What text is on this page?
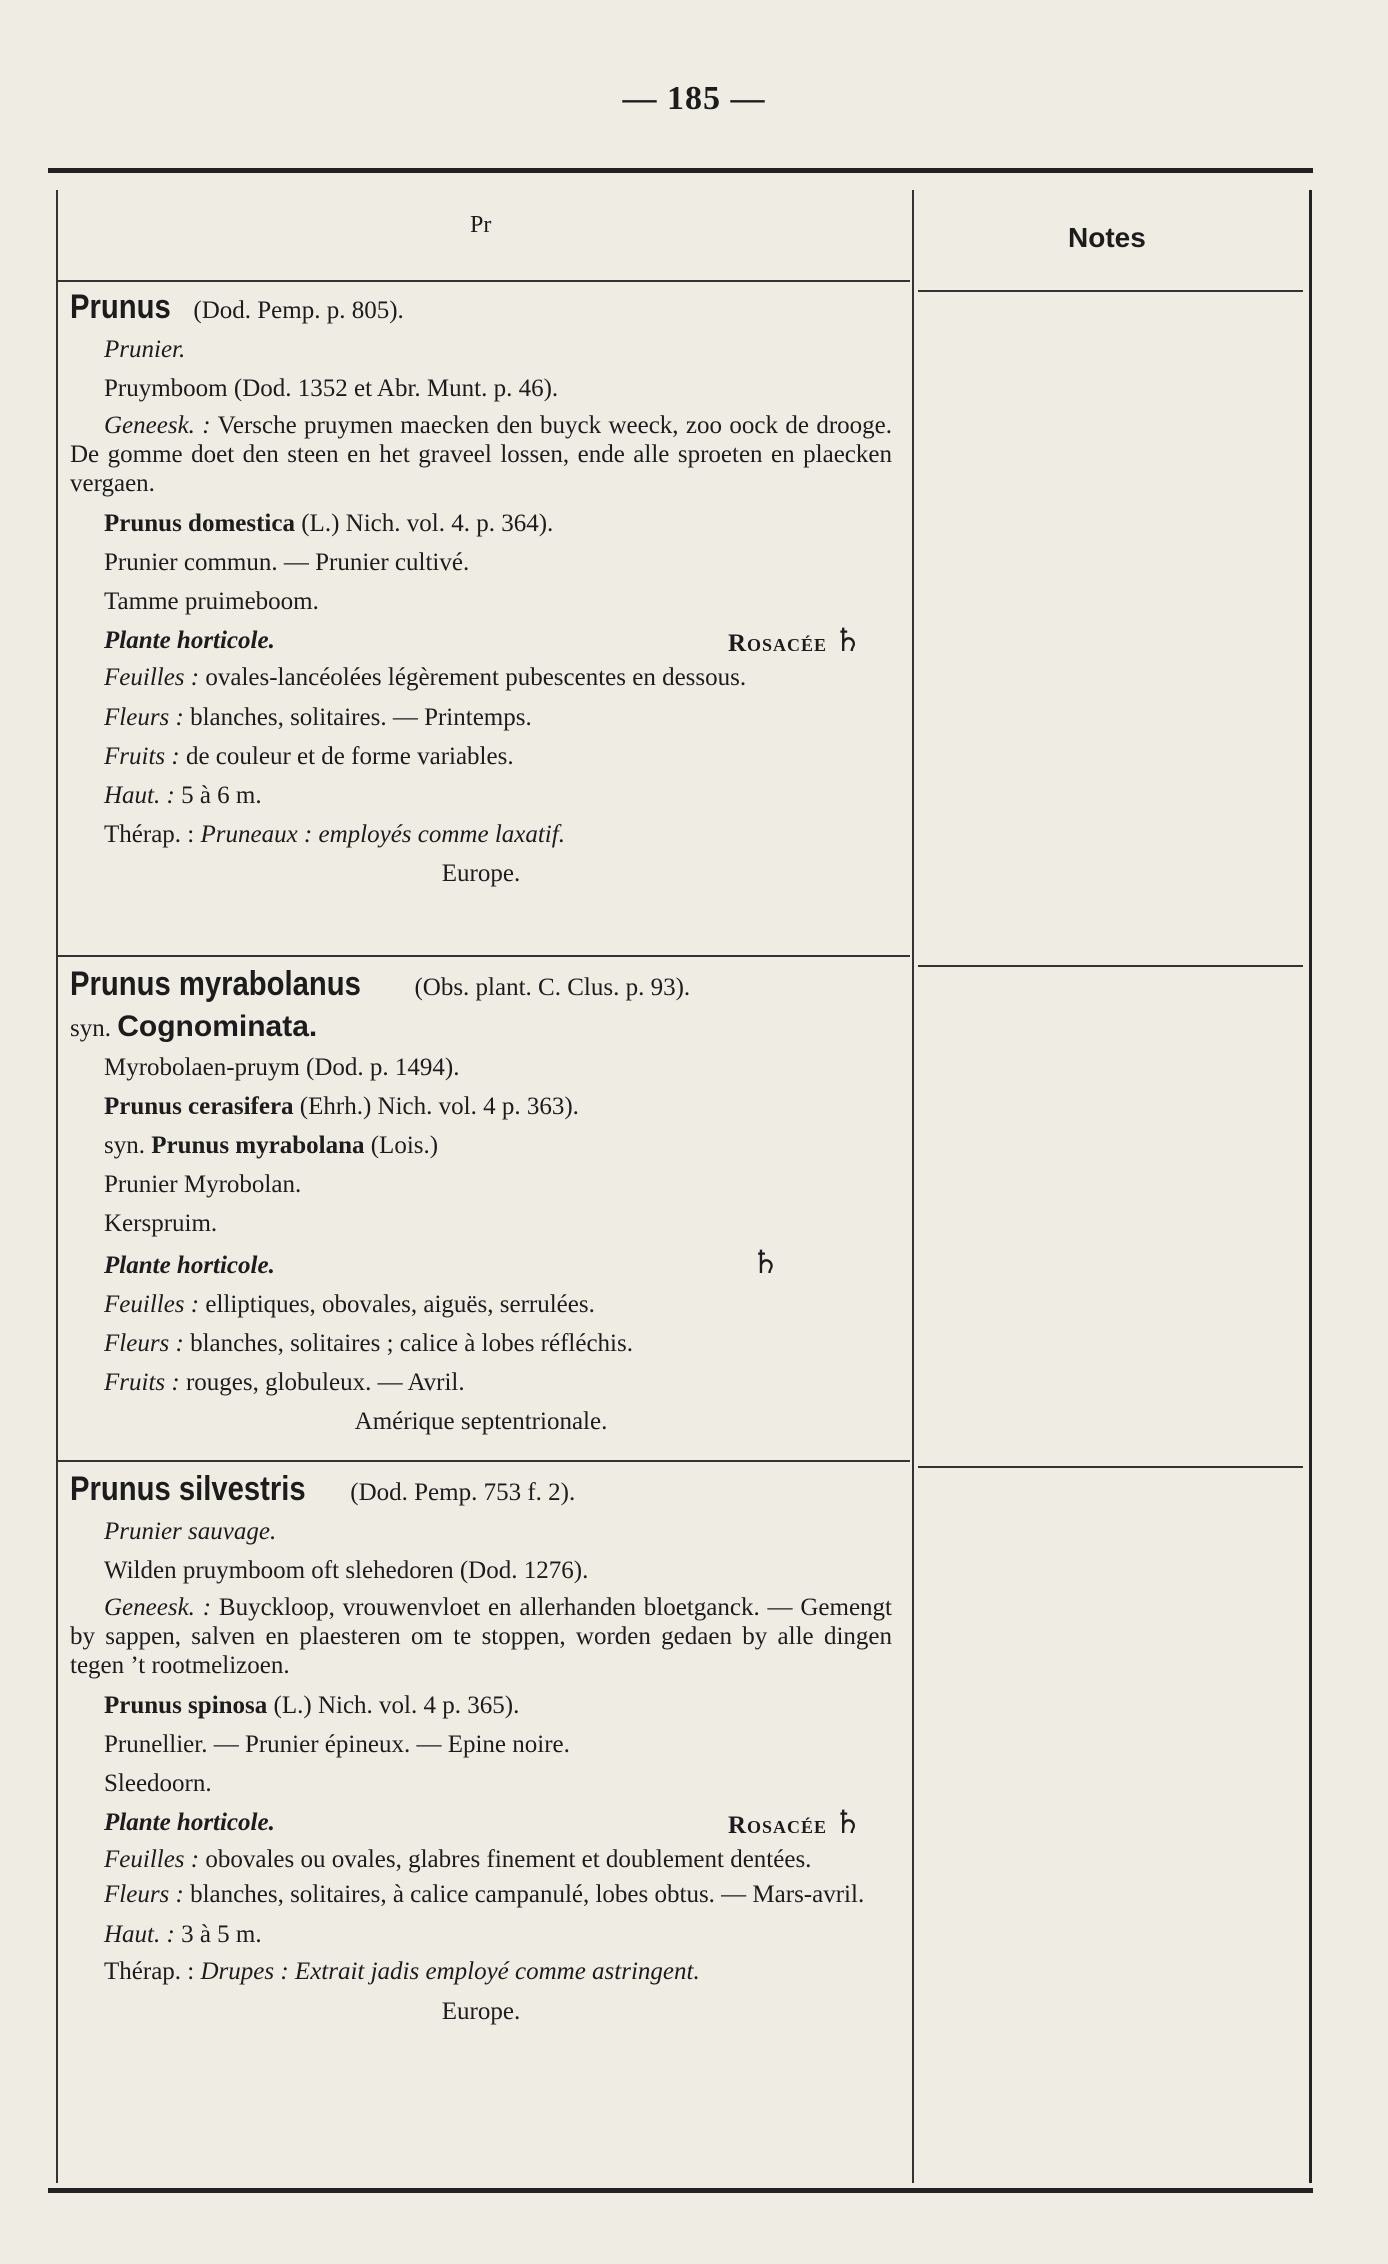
— 185 —
Pr	Notes
Prunus (Dod. Pemp. p. 805).
Prunier.
Pruymboom (Dod. 1352 et Abr. Munt. p. 46).
Geneesk. : Versche pruymen maecken den buyck weeck, zoo oock de drooge. De gomme doet den steen en het graveel lossen, ende alle sproeten en plaecken vergaen.
Prunus domestica (L.) Nich. vol. 4. p. 364).
Prunier commun. — Prunier cultivé.
Tamme pruimeboom.
Plante horticole.	Rosacée ♄
Feuilles : ovales-lancéolées légèrement pubescentes en dessous.
Fleurs : blanches, solitaires. — Printemps.
Fruits : de couleur et de forme variables.
Haut. : 5 à 6 m.
Thérap. : Pruneaux : employés comme laxatif.
Europe.
Prunus myrabolanus (Obs. plant. C. Clus. p. 93).
syn. Cognominata.
Myrobolaen-pruym (Dod. p. 1494).
Prunus cerasifera (Ehrh.) Nich. vol. 4 p. 363).
syn. Prunus myrabolana (Lois.)
Prunier Myrobolan.
Kerspruim.
Plante horticole.	♄
Feuilles : elliptiques, obovales, aiguës, serrulées.
Fleurs : blanches, solitaires ; calice à lobes réfléchis.
Fruits : rouges, globuleux. — Avril.
Amérique septentrionale.
Prunus silvestris (Dod. Pemp. 753 f. 2).
Prunier sauvage.
Wilden pruymboom oft slehedoren (Dod. 1276).
Geneesk. : Buyckloop, vrouwenvloet en allerhanden bloetganck. — Gemengt by sappen, salven en plaesteren om te stoppen, worden gedaen by alle dingen tegen ’t rootmelizoen.
Prunus spinosa (L.) Nich. vol. 4 p. 365).
Prunellier. — Prunier épineux. — Epine noire.
Sleedoorn.
Plante horticole.	Rosacée ♄
Feuilles : obovales ou ovales, glabres finement et doublement dentées.
Fleurs : blanches, solitaires, à calice campanulé, lobes obtus. — Mars-avril.
Haut. : 3 à 5 m.
Thérap. : Drupes : Extrait jadis employé comme astringent.
Europe.
